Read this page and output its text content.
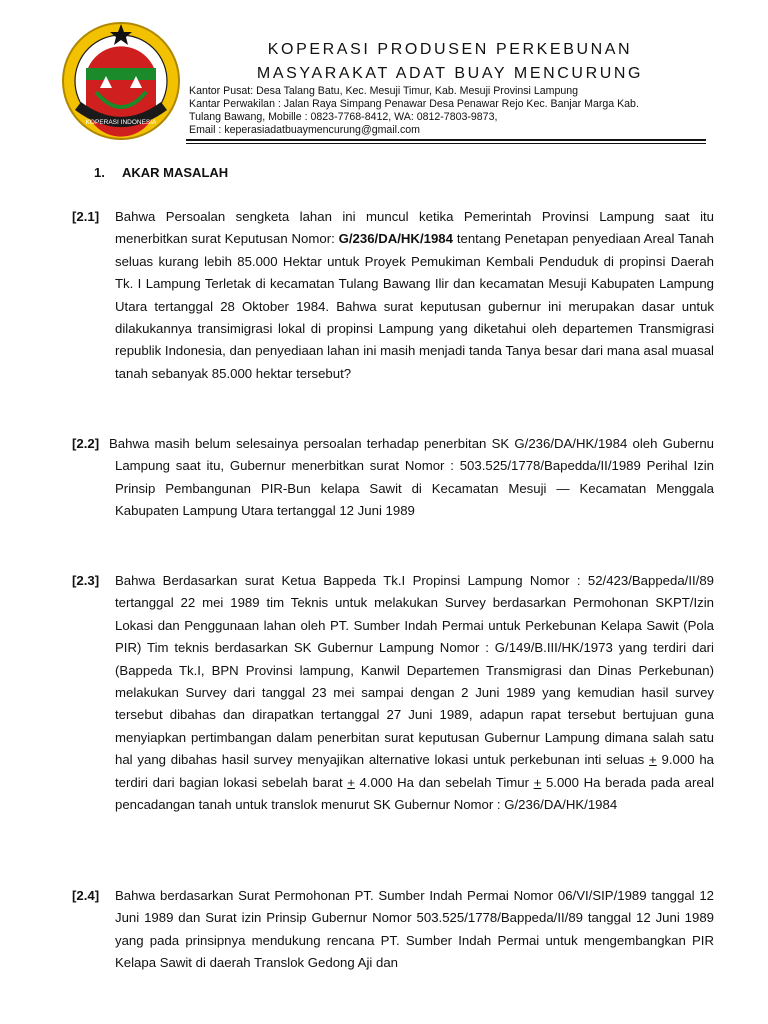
KOPERASI INDONESIA
KOPERASI PRODUSEN PERKEBUNAN
MASYARAKAT ADAT BUAY MENCURUNG
Kantor Pusat: Desa Talang Batu, Kec. Mesuji Timur, Kab. Mesuji Provinsi Lampung
Kantar Perwakilan : Jalan Raya Simpang Penawar Desa Penawar Rejo Kec. Banjar Marga Kab.
Tulang Bawang, Mobille : 0823-7768-8412, WA: 0812-7803-9873,
Email : keperasiadatbuaymencurung@gmail.com
1. AKAR MASALAH
[2.1] Bahwa Persoalan sengketa lahan ini muncul ketika Pemerintah Provinsi Lampung saat itu menerbitkan surat Keputusan Nomor: G/236/DA/HK/1984 tentang Penetapan penyediaan Areal Tanah seluas kurang lebih 85.000 Hektar untuk Proyek Pemukiman Kembali Penduduk di propinsi Daerah Tk. I Lampung Terletak di kecamatan Tulang Bawang Ilir dan kecamatan Mesuji Kabupaten Lampung Utara tertanggal 28 Oktober 1984. Bahwa surat keputusan gubernur ini merupakan dasar untuk dilakukannya transimigrasi lokal di propinsi Lampung yang diketahui oleh departemen Transmigrasi republik Indonesia, dan penyediaan lahan ini masih menjadi tanda Tanya besar dari mana asal muasal tanah sebanyak 85.000 hektar tersebut?
[2.2] Bahwa masih belum selesainya persoalan terhadap penerbitan SK G/236/DA/HK/1984 oleh Gubernu Lampung saat itu, Gubernur menerbitkan surat Nomor : 503.525/1778/Bapedda/II/1989 Perihal Izin Prinsip Pembangunan PIR-Bun kelapa Sawit di Kecamatan Mesuji — Kecamatan Menggala Kabupaten Lampung Utara tertanggal 12 Juni 1989
[2.3] Bahwa Berdasarkan surat Ketua Bappeda Tk.I Propinsi Lampung Nomor : 52/423/Bappeda/II/89 tertanggal 22 mei 1989 tim Teknis untuk melakukan Survey berdasarkan Permohonan SKPT/Izin Lokasi dan Penggunaan lahan oleh PT. Sumber Indah Permai untuk Perkebunan Kelapa Sawit (Pola PIR) Tim teknis berdasarkan SK Gubernur Lampung Nomor : G/149/B.III/HK/1973 yang terdiri dari (Bappeda Tk.I, BPN Provinsi lampung, Kanwil Departemen Transmigrasi dan Dinas Perkebunan) melakukan Survey dari tanggal 23 mei sampai dengan 2 Juni 1989 yang kemudian hasil survey tersebut dibahas dan dirapatkan tertanggal 27 Juni 1989, adapun rapat tersebut bertujuan guna menyiapkan pertimbangan dalam penerbitan surat keputusan Gubernur Lampung dimana salah satu hal yang dibahas hasil survey menyajikan alternative lokasi untuk perkebunan inti seluas + 9.000 ha terdiri dari bagian lokasi sebelah barat + 4.000 Ha dan sebelah Timur + 5.000 Ha berada pada areal pencadangan tanah untuk translok menurut SK Gubernur Nomor : G/236/DA/HK/1984
[2.4] Bahwa berdasarkan Surat Permohonan PT. Sumber Indah Permai Nomor 06/VI/SIP/1989 tanggal 12 Juni 1989 dan Surat izin Prinsip Gubernur Nomor 503.525/1778/Bappeda/II/89 tanggal 12 Juni 1989 yang pada prinsipnya mendukung rencana PT. Sumber Indah Permai untuk mengembangkan PIR Kelapa Sawit di daerah Translok Gedong Aji dan
